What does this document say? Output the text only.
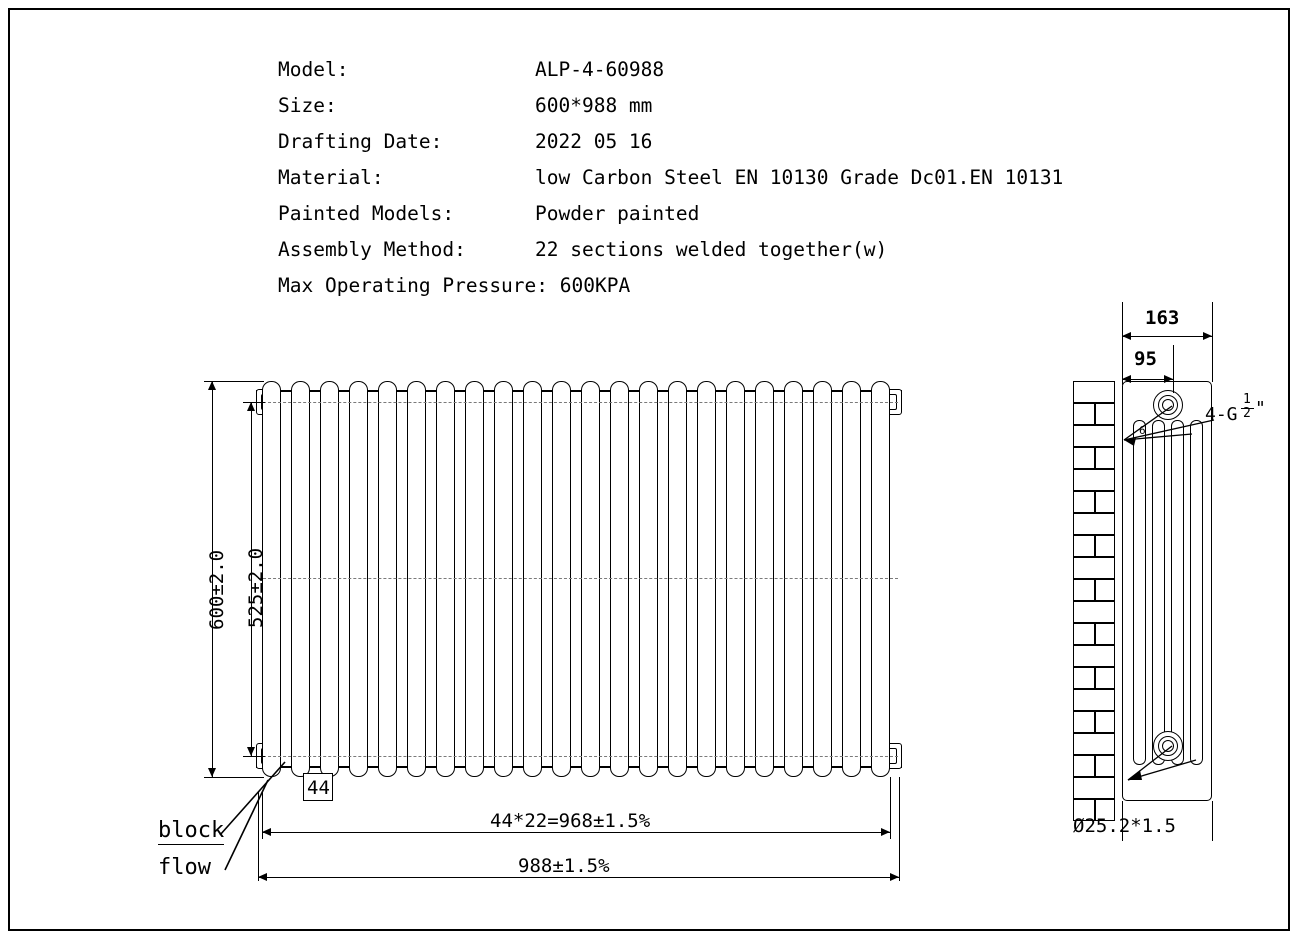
Model:	ALP-4-60988
Size:	600*988 mm
Drafting Date:	2022 05 16
Material:	low Carbon Steel EN 10130 Grade Dc01.EN 10131
Painted Models:	Powder painted
Assembly Method:	22 sections welded together(w)
Max Operating Pressure: 600KPA
600±2.0 525±2.0
44
44*22=968±1.5%
988±1.5%
block
flow
4-G
1
2 "
6
163
95
Ø25.2*1.5
